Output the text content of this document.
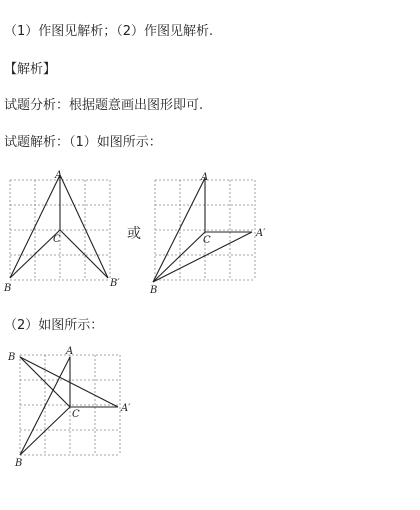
（1）作图见解析；（2）作图见解析.
【解析】
试题分析：根据题意画出图形即可.
试题解析：（1）如图所示：
A
C
B	B′
或
A
C
A′
B
（2）如图所示：
B
A
C
A′
B
